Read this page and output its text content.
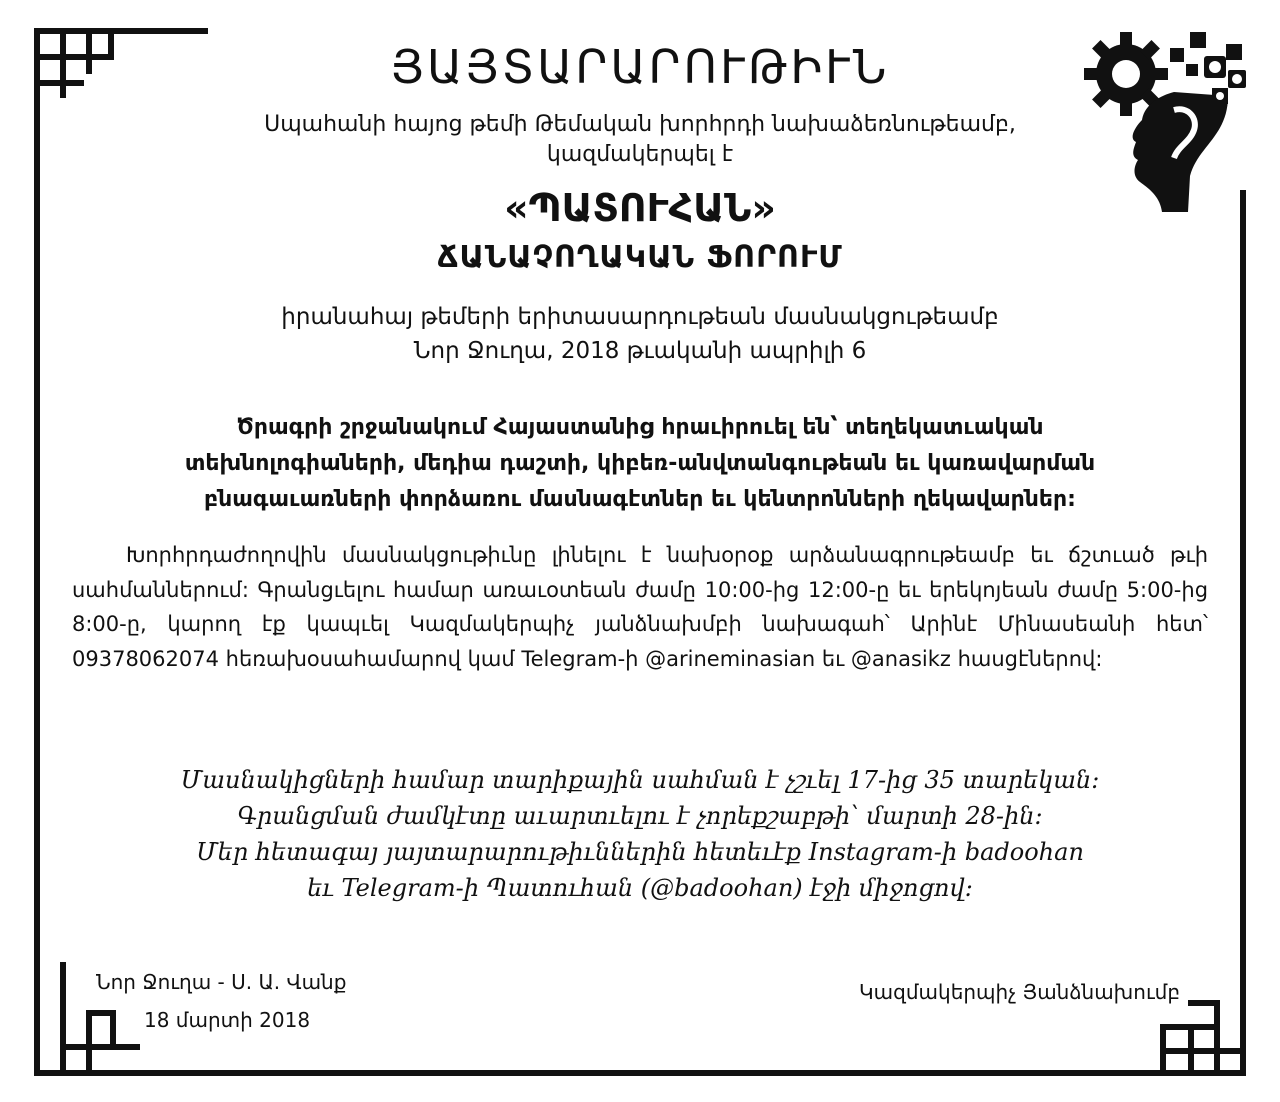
ՅԱՅՏԱՐԱՐՈՒԹԻՒՆ
Սպահանի հայոց թեմի Թեմական խորհրդի նախաձեռնութեամբ,
կազմակերպել է
«ՊԱՏՈՒՀԱՆ»
ՃԱՆԱՉՈՂԱԿԱՆ ՖՈՐՈՒՄ
իրանահայ թեմերի երիտասարդութեան մասնակցութեամբ
Նոր Ջուղա, 2018 թւականի ապրիլի 6
Ծրագրի շրջանակում Հայաստանից հրաւիրուել են՝ տեղեկատւական
տեխնոլոգիաների, մեդիա դաշտի, կիբեռ-անվտանգութեան եւ կառավարման
բնագաւառների փորձառու մասնագէտներ եւ կենտրոնների ղեկավարներ:
Խորհրդաժողովին մասնակցութիւնը լինելու է նախօրօք արձանագրութեամբ եւ ճշտւած թւի սահմաններում: Գրանցւելու համար առաւօտեան ժամը 10:00-ից 12:00-ը եւ երեկոյեան ժամը 5:00-ից 8:00-ը, կարող էք կապւել Կազմակերպիչ յանձնախմբի նախագահ՝ Արինէ Մինասեանի հետ՝ 09378062074 հեռախօսահամարով կամ Telegram-ի @arineminasian եւ @anasikz հասցէներով:
Մասնակիցների համար տարիքային սահման է չշւել 17-ից 35 տարեկան:
Գրանցման ժամկէտը աւարտւելու է չորեքշաբթի՝ մարտի 28-ին:
Մեր հետագայ յայտարարութիւններին հետեւէք Instagram-ի badoohan
եւ Telegram-ի Պատուհան (@badoohan) էջի միջոցով:
Նոր Ջուղա - Ս. Ա. Վանք
18 մարտի 2018
Կազմակերպիչ Յանձնախումբ
